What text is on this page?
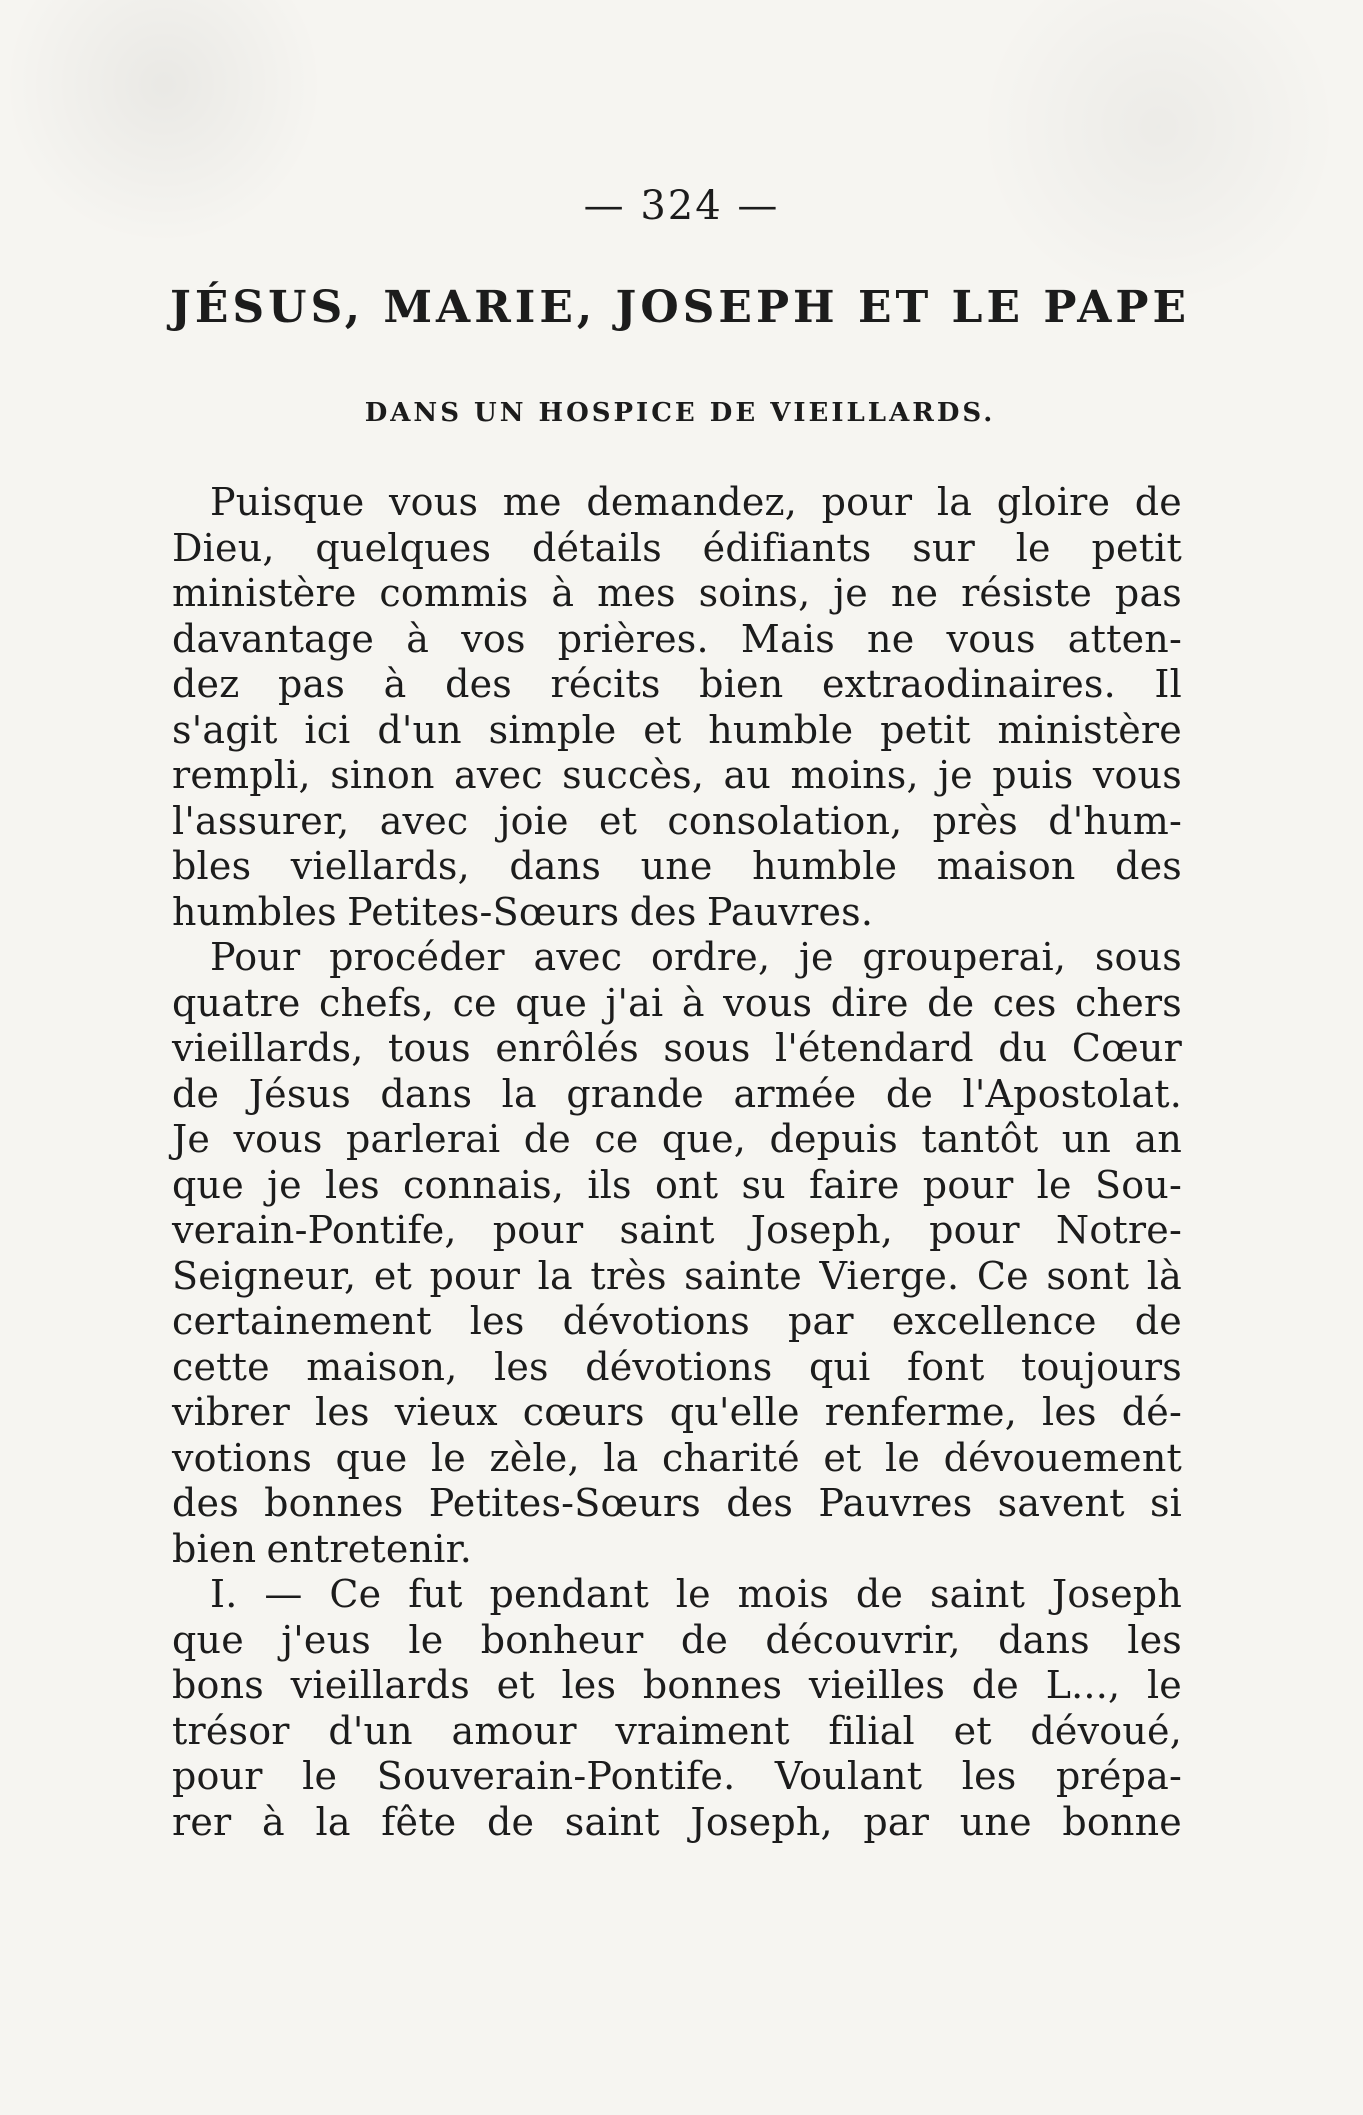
— 324 —
JÉSUS, MARIE, JOSEPH ET LE PAPE
DANS UN HOSPICE DE VIEILLARDS.
Puisque vous me demandez, pour la gloire de
Dieu, quelques détails édifiants sur le petit
ministère commis à mes soins, je ne résiste pas
davantage à vos prières. Mais ne vous atten-
dez pas à des récits bien extraodinaires. Il
s'agit ici d'un simple et humble petit ministère
rempli, sinon avec succès, au moins, je puis vous
l'assurer, avec joie et consolation, près d'hum-
bles viellards, dans une humble maison des
humbles Petites-Sœurs des Pauvres.
Pour procéder avec ordre, je grouperai, sous
quatre chefs, ce que j'ai à vous dire de ces chers
vieillards, tous enrôlés sous l'étendard du Cœur
de Jésus dans la grande armée de l'Apostolat.
Je vous parlerai de ce que, depuis tantôt un an
que je les connais, ils ont su faire pour le Sou-
verain-Pontife, pour saint Joseph, pour Notre-
Seigneur, et pour la très sainte Vierge. Ce sont là
certainement les dévotions par excellence de
cette maison, les dévotions qui font toujours
vibrer les vieux cœurs qu'elle renferme, les dé-
votions que le zèle, la charité et le dévouement
des bonnes Petites-Sœurs des Pauvres savent si
bien entretenir.
I. — Ce fut pendant le mois de saint Joseph
que j'eus le bonheur de découvrir, dans les
bons vieillards et les bonnes vieilles de L..., le
trésor d'un amour vraiment filial et dévoué,
pour le Souverain-Pontife. Voulant les prépa-
rer à la fête de saint Joseph, par une bonne
